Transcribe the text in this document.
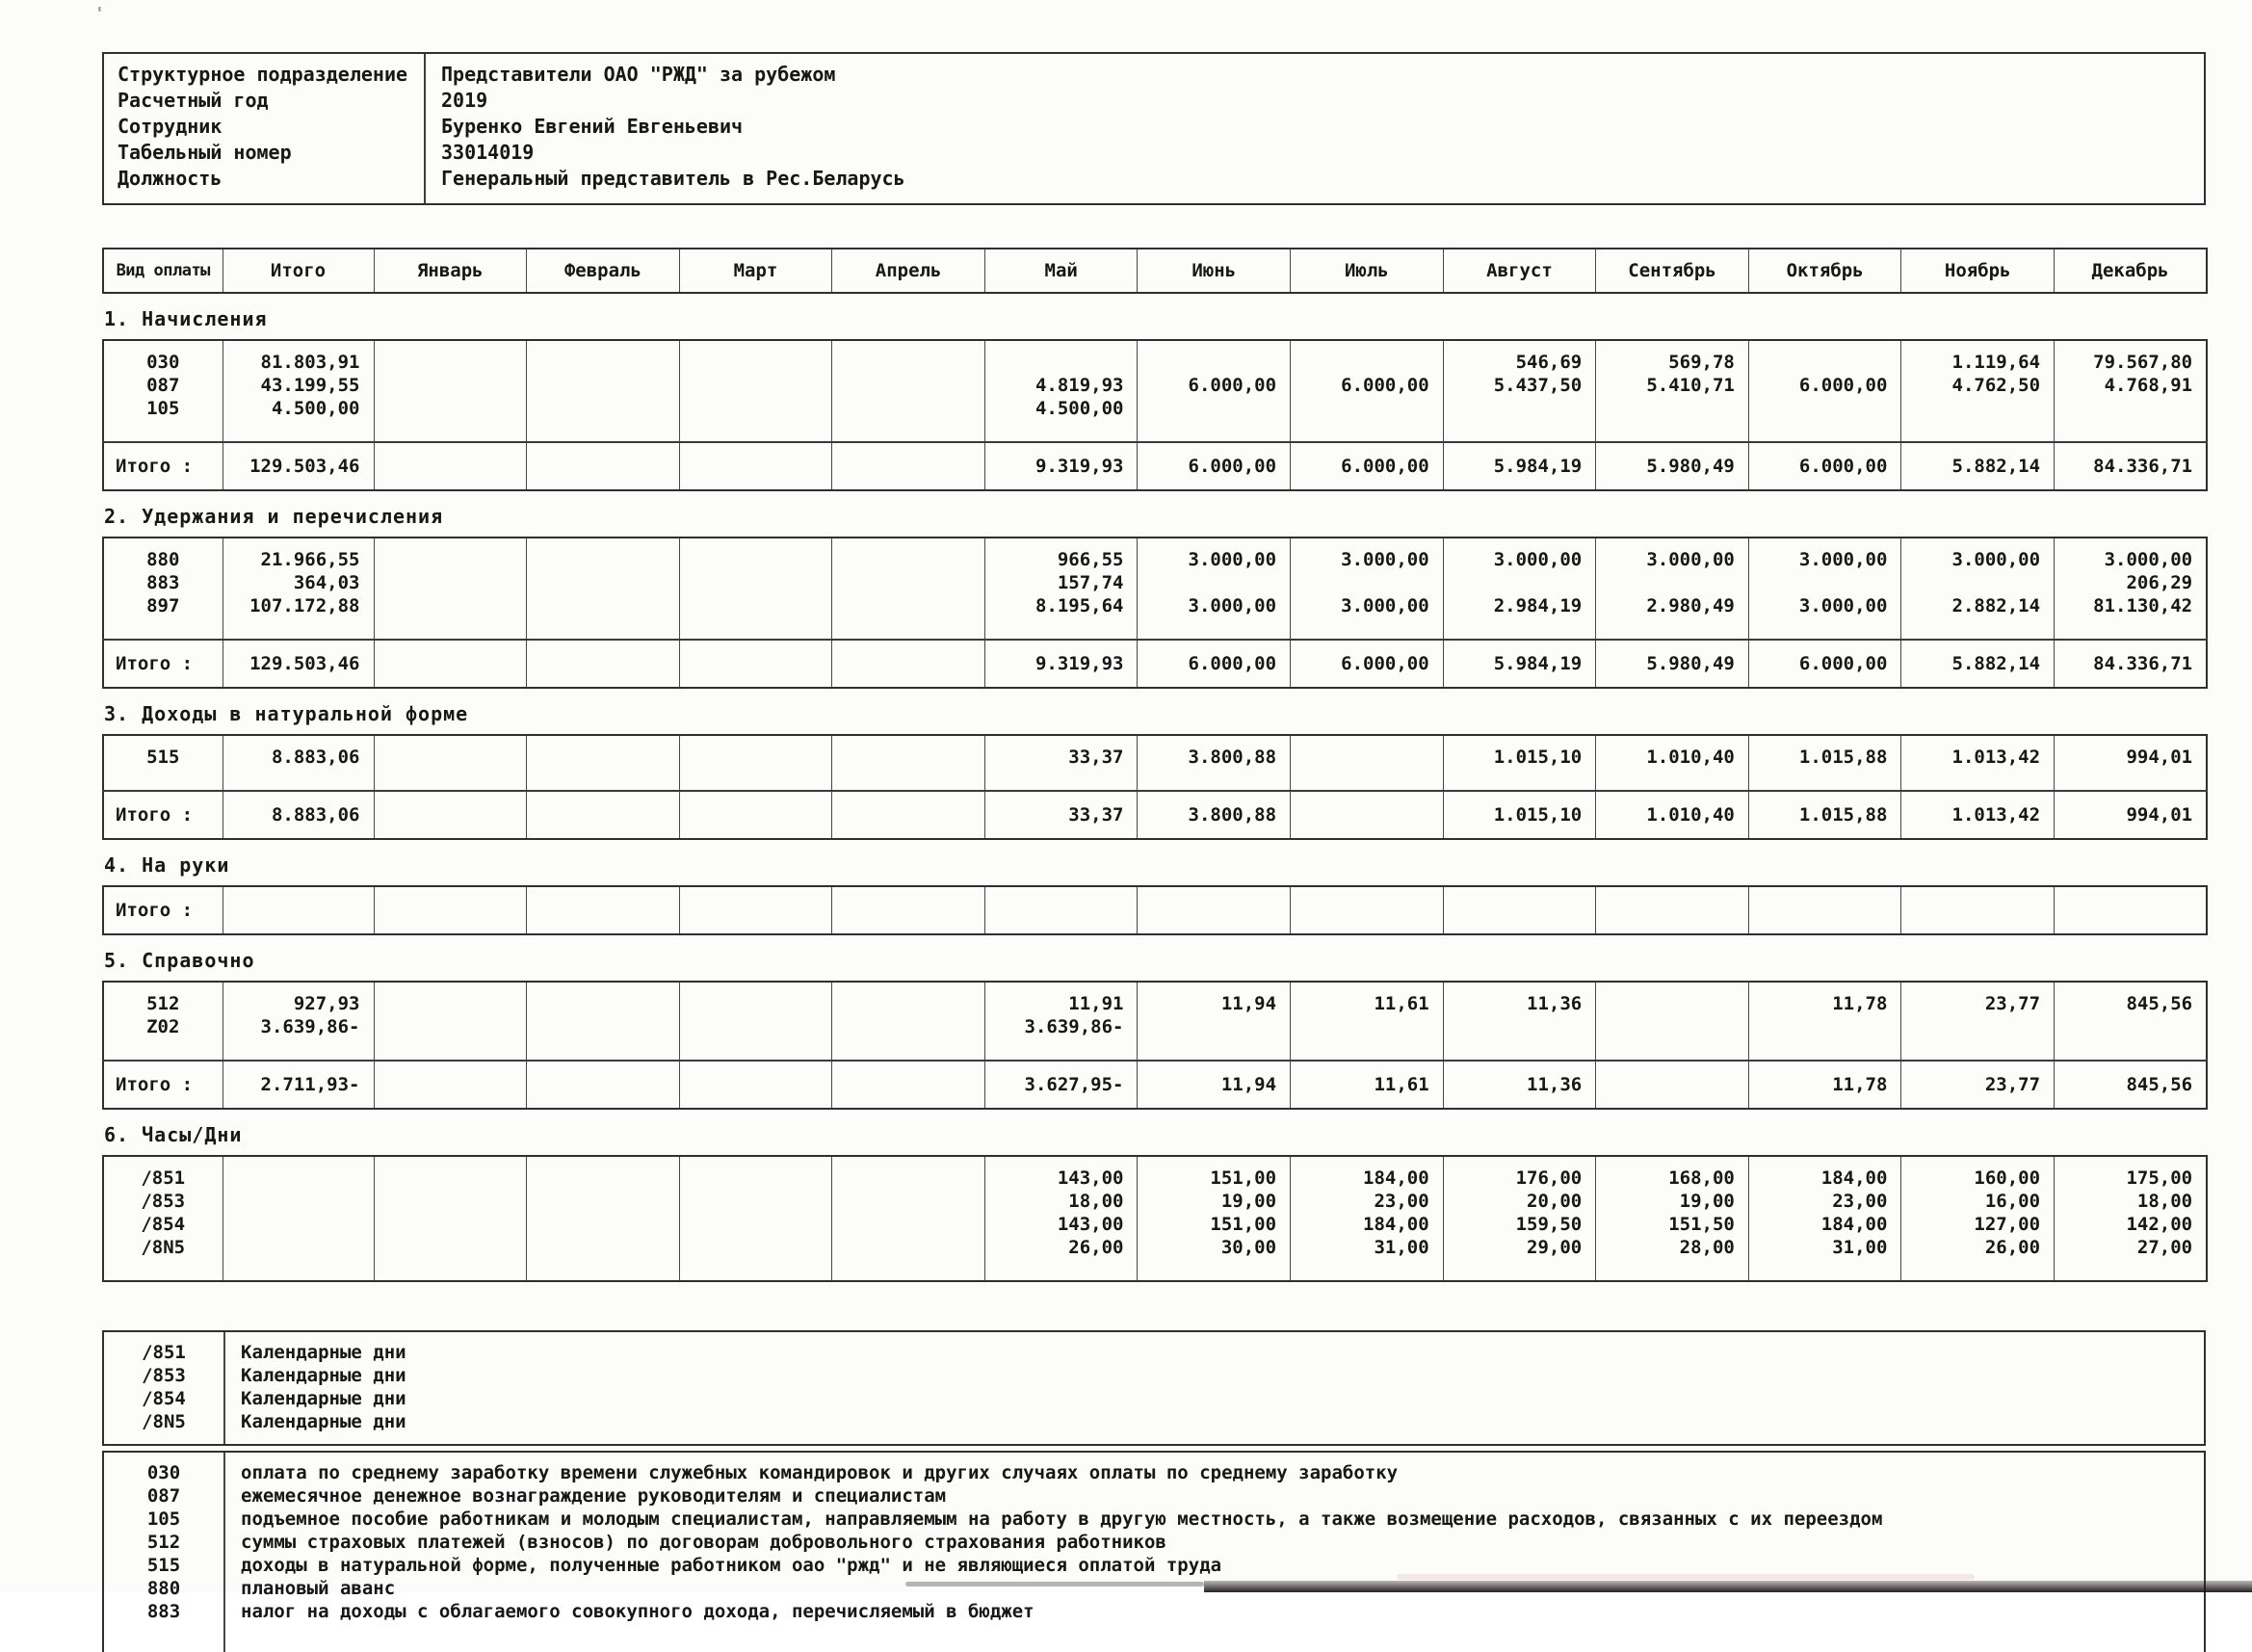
'
Структурное подразделение	Представители ОАО "РЖД" за рубежом
Расчетный год	2019
Сотрудник	Буренко Евгений Евгеньевич
Табельный номер	33014019
Должность	Генеральный представитель в Рес.Беларусь
Вид оплаты	Итого	Январь	Февраль	Март	Апрель	Май	Июнь	Июль	Август	Сентябрь	Октябрь	Ноябрь	Декабрь
1. Начисления
030	81.803,91								546,69	569,78		1.119,64	79.567,80
087	43.199,55					4.819,93	6.000,00	6.000,00	5.437,50	5.410,71	6.000,00	4.762,50	4.768,91
105	4.500,00					4.500,00							
Итого :	129.503,46					9.319,93	6.000,00	6.000,00	5.984,19	5.980,49	6.000,00	5.882,14	84.336,71
2. Удержания и перечисления
880	21.966,55					966,55	3.000,00	3.000,00	3.000,00	3.000,00	3.000,00	3.000,00	3.000,00
883	364,03					157,74							206,29
897	107.172,88					8.195,64	3.000,00	3.000,00	2.984,19	2.980,49	3.000,00	2.882,14	81.130,42
Итого :	129.503,46					9.319,93	6.000,00	6.000,00	5.984,19	5.980,49	6.000,00	5.882,14	84.336,71
3. Доходы в натуральной форме
515	8.883,06					33,37	3.800,88		1.015,10	1.010,40	1.015,88	1.013,42	994,01
Итого :	8.883,06					33,37	3.800,88		1.015,10	1.010,40	1.015,88	1.013,42	994,01
4. На руки
Итого :													
5. Справочно
512	927,93					11,91	11,94	11,61	11,36		11,78	23,77	845,56
Z02	3.639,86-					3.639,86-							
Итого :	2.711,93-					3.627,95-	11,94	11,61	11,36		11,78	23,77	845,56
6. Часы/Дни
/851						143,00	151,00	184,00	176,00	168,00	184,00	160,00	175,00
/853						18,00	19,00	23,00	20,00	19,00	23,00	16,00	18,00
/854						143,00	151,00	184,00	159,50	151,50	184,00	127,00	142,00
/8N5						26,00	30,00	31,00	29,00	28,00	31,00	26,00	27,00
/851	Календарные дни
/853	Календарные дни
/854	Календарные дни
/8N5	Календарные дни
030	оплата по среднему заработку времени служебных командировок и других случаях оплаты по среднему заработку
087	ежемесячное денежное вознаграждение руководителям и специалистам
105	подъемное пособие работникам и молодым специалистам, направляемым на работу в другую местность, а также возмещение расходов, связанных с их переездом
512	суммы страховых платежей (взносов) по договорам добровольного страхования работников
515	доходы в натуральной форме, полученные работником оао "ржд" и не являющиеся оплатой труда
880	плановый аванс
883	налог на доходы с облагаемого совокупного дохода, перечисляемый в бюджет
